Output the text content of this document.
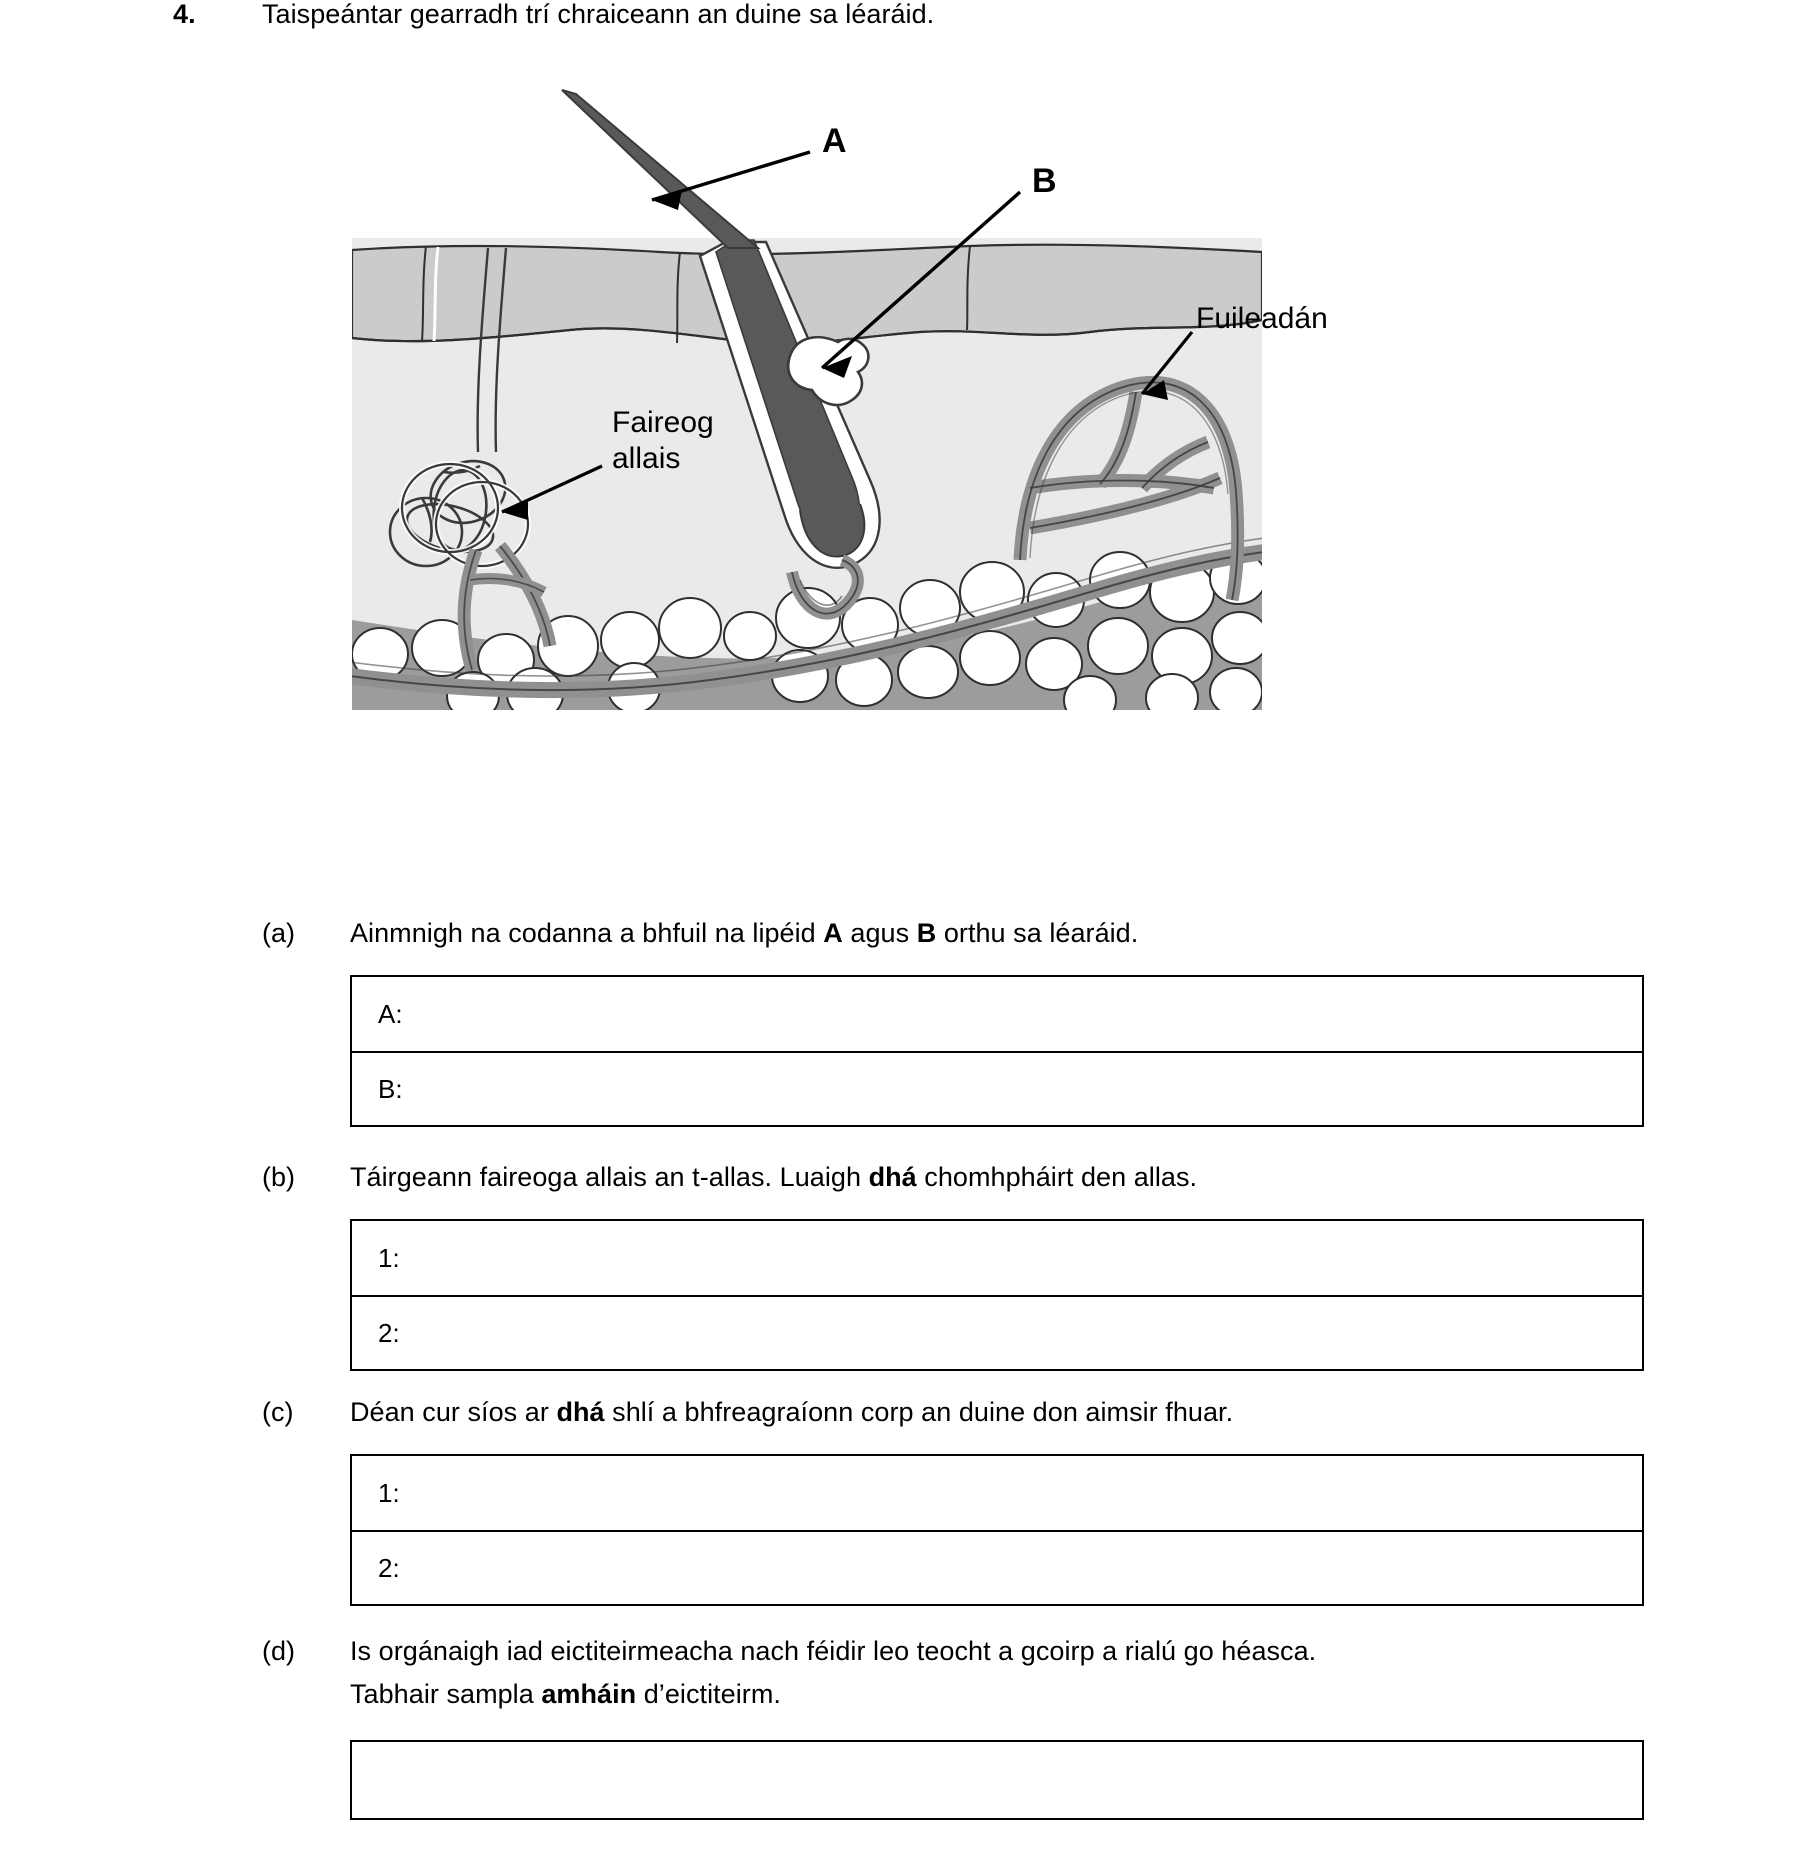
4. Taispeántar gearradh trí chraiceann an duine sa léaráid.
A
B
Fuileadán
Faireog
allais
(a) Ainmnigh na codanna a bhfuil na lipéid A agus B orthu sa léaráid.
A:
B:
(b) Táirgeann faireoga allais an t-allas. Luaigh dhá chomhpháirt den allas.
1:
2:
(c) Déan cur síos ar dhá shlí a bhfreagraíonn corp an duine don aimsir fhuar.
1:
2:
(d) Is orgánaigh iad eictiteirmeacha nach féidir leo teocht a gcoirp a rialú go héasca.
Tabhair sampla amháin d’eictiteirm.
